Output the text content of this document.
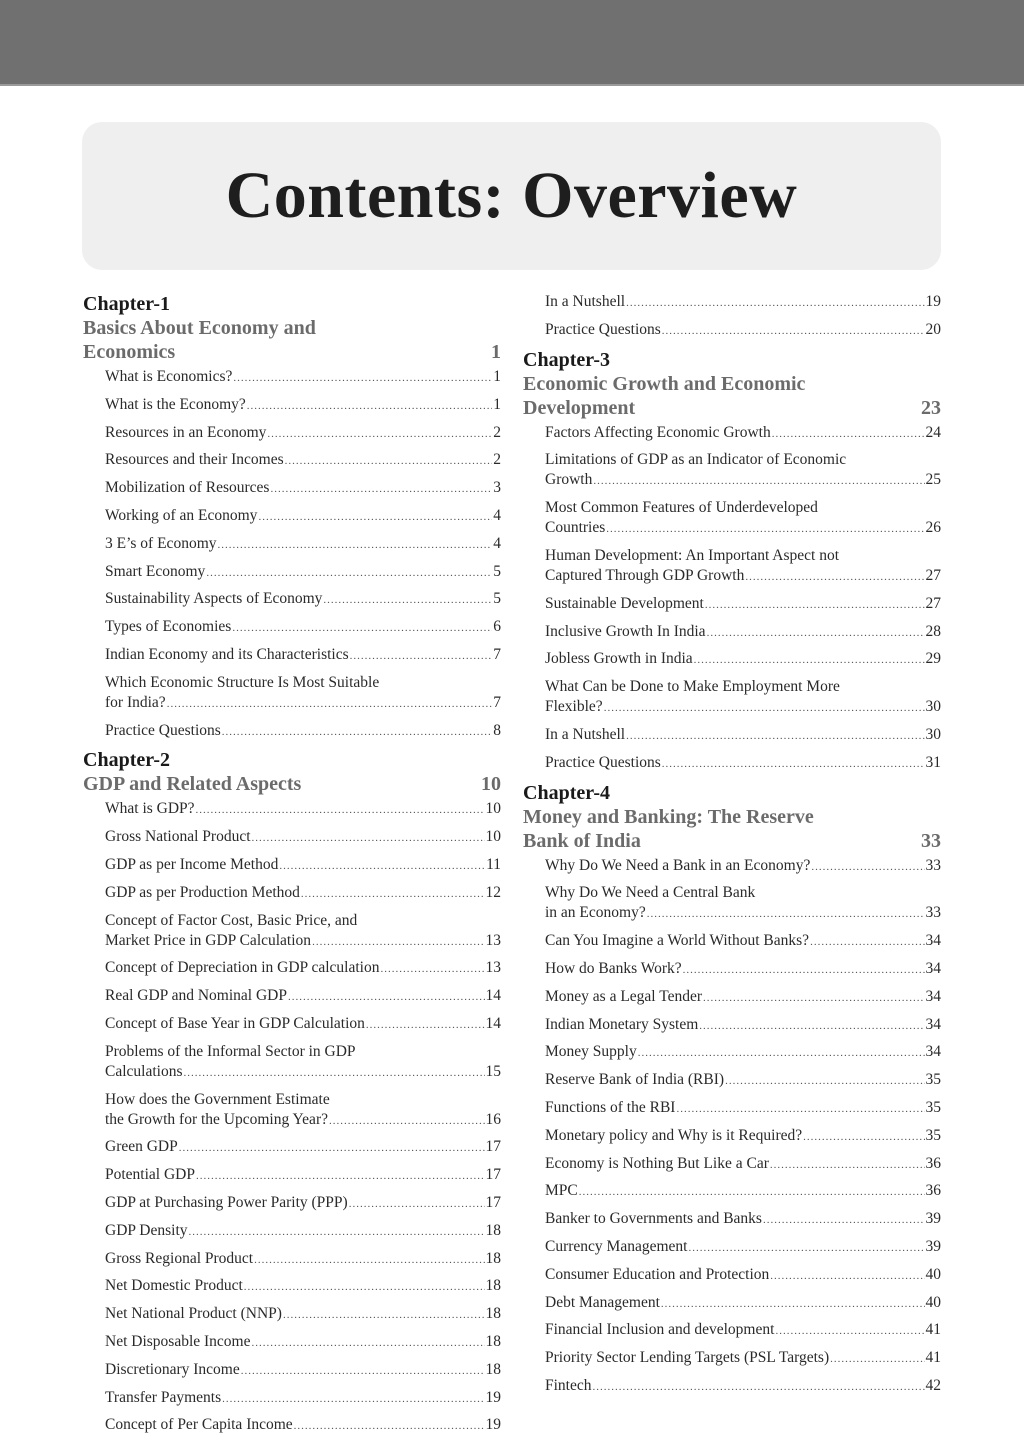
Contents: Overview
Chapter-1
Basics About Economy and Economics	1
What is Economics? .....	1
What is the Economy? .....	1
Resources in an Economy .....	2
Resources and their Incomes .....	2
Mobilization of Resources .....	3
Working of an Economy .....	4
3 E’s of Economy .....	4
Smart Economy .....	5
Sustainability Aspects of Economy .....	5
Types of Economies .....	6
Indian Economy and its Characteristics .....	7
Which Economic Structure Is Most Suitable
for India? .....	7
Practice Questions .....	8
Chapter-2
GDP and Related Aspects	10
What is GDP? .....	10
Gross National Product .....	10
GDP as per Income Method .....	11
GDP as per Production Method .....	12
Concept of Factor Cost, Basic Price, and
Market Price in GDP Calculation .....	13
Concept of Depreciation in GDP calculation .....	13
Real GDP and Nominal GDP .....	14
Concept of Base Year in GDP Calculation .....	14
Problems of the Informal Sector in GDP
Calculations .....	15
How does the Government Estimate
the Growth for the Upcoming Year? .....	16
Green GDP .....	17
Potential GDP .....	17
GDP at Purchasing Power Parity (PPP) .....	17
GDP Density .....	18
Gross Regional Product .....	18
Net Domestic Product .....	18
Net National Product (NNP) .....	18
Net Disposable Income .....	18
Discretionary Income .....	18
Transfer Payments .....	19
Concept of Per Capita Income .....	19
In a Nutshell .....	19
Practice Questions .....	20
Chapter-3
Economic Growth and Economic Development	23
Factors Affecting Economic Growth .....	24
Limitations of GDP as an Indicator of Economic
Growth .....	25
Most Common Features of Underdeveloped
Countries .....	26
Human Development: An Important Aspect not
Captured Through GDP Growth .....	27
Sustainable Development .....	27
Inclusive Growth In India .....	28
Jobless Growth in India .....	29
What Can be Done to Make Employment More
Flexible? .....	30
In a Nutshell .....	30
Practice Questions .....	31
Chapter-4
Money and Banking: The Reserve Bank of India	33
Why Do We Need a Bank in an Economy? .....	33
Why Do We Need a Central Bank
in an Economy? .....	33
Can You Imagine a World Without Banks? .....	34
How do Banks Work? .....	34
Money as a Legal Tender .....	34
Indian Monetary System .....	34
Money Supply .....	34
Reserve Bank of India (RBI) .....	35
Functions of the RBI .....	35
Monetary policy and Why is it Required? .....	35
Economy is Nothing But Like a Car .....	36
MPC .....	36
Banker to Governments and Banks .....	39
Currency Management .....	39
Consumer Education and Protection .....	40
Debt Management .....	40
Financial Inclusion and development .....	41
Priority Sector Lending Targets (PSL Targets) .....	41
Fintech .....	42
